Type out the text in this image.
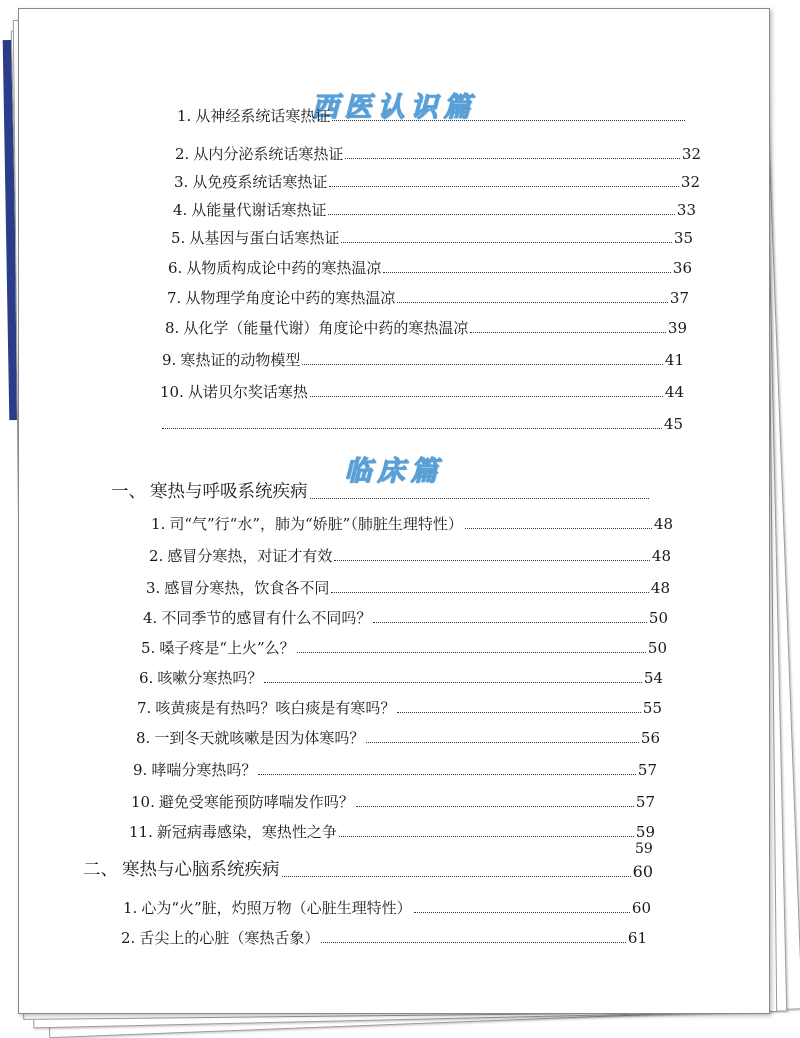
西医认识篇
1. 从神经系统话寒热证
2. 从内分泌系统话寒热证	32
3. 从免疫系统话寒热证	32
4. 从能量代谢话寒热证	33
5. 从基因与蛋白话寒热证	35
6. 从物质构成论中药的寒热温凉	36
7. 从物理学角度论中药的寒热温凉	37
8. 从化学（能量代谢）角度论中药的寒热温凉	39
9. 寒热证的动物模型	41
10. 从诺贝尔奖话寒热	44
45
临床篇
一、 寒热与呼吸系统疾病
1. 司“气”行“水”，肺为“娇脏”（肺脏生理特性）	48
2. 感冒分寒热，对证才有效	48
3. 感冒分寒热，饮食各不同	48
4. 不同季节的感冒有什么不同吗？	50
5. 嗓子疼是“上火”么？	50
6. 咳嗽分寒热吗？	54
7. 咳黄痰是有热吗？咳白痰是有寒吗？	55
8. 一到冬天就咳嗽是因为体寒吗？	56
9. 哮喘分寒热吗？	57
10. 避免受寒能预防哮喘发作吗？	57
11. 新冠病毒感染，寒热性之争	59
59
二、 寒热与心脑系统疾病	60
1. 心为“火”脏，灼照万物（心脏生理特性）	60
2. 舌尖上的心脏（寒热舌象）	61
